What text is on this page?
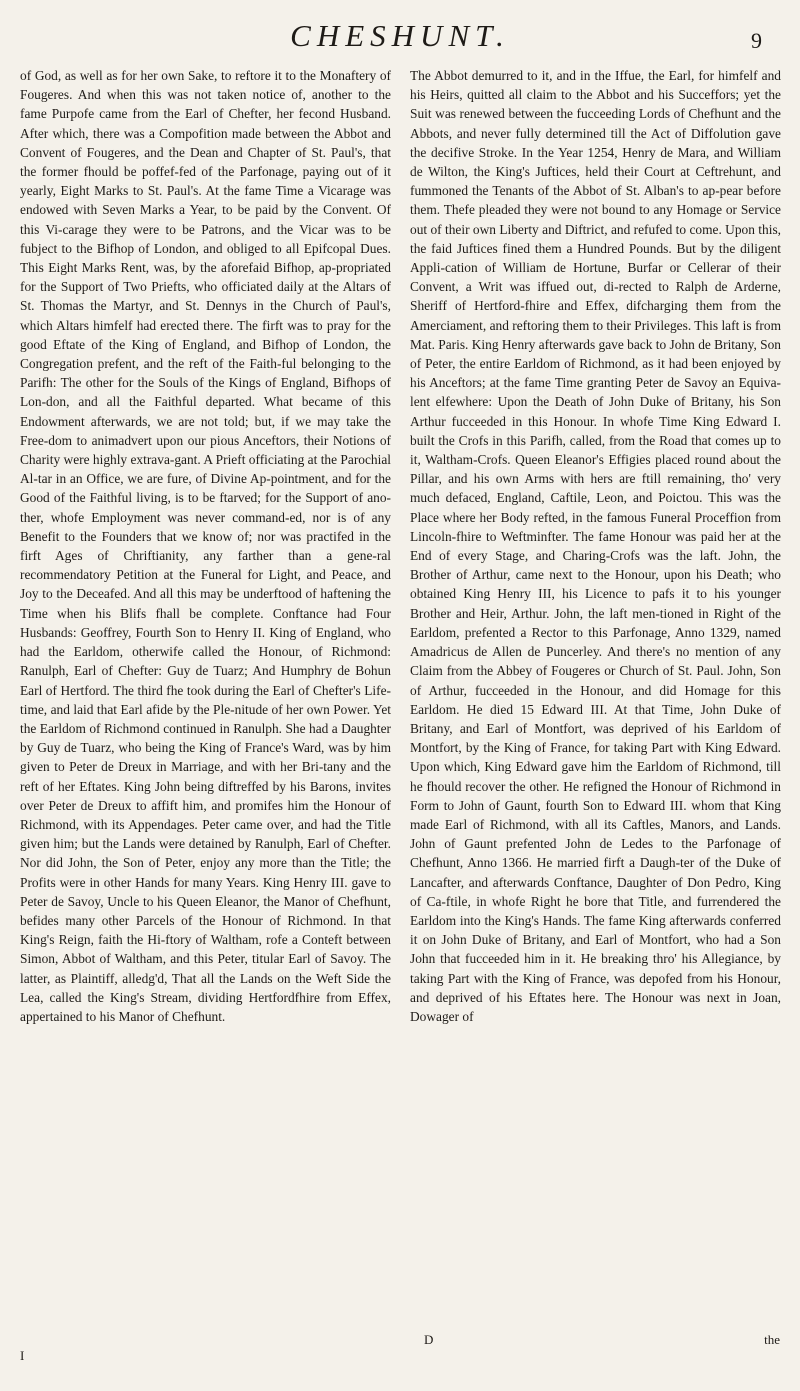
CHESHUNT.	9

of God, as well as for her own Sake, to reftore it to the Monaftery of Fougeres. And when this was not taken notice of, another to the fame Purpofe came from the Earl of Chefter, her fecond Husband. After which, there was a Compofition made between the Abbot and Convent of Fougeres, and the Dean and Chapter of St. Paul's, that the former fhould be poffef-fed of the Parfonage, paying out of it yearly, Eight Marks to St. Paul's. At the fame Time a Vicarage was endowed with Seven Marks a Year, to be paid by the Convent. Of this Vi-carage they were to be Patrons, and the Vicar was to be fubject to the Bifhop of London, and obliged to all Epifcopal Dues. This Eight Marks Rent, was, by the aforefaid Bifhop, ap-propriated for the Support of Two Priefts, who officiated daily at the Altars of St. Thomas the Martyr, and St. Dennys in the Church of Paul's, which Altars himfelf had erected there. The firft was to pray for the good Eftate of the King of England, and Bifhop of London, the Congregation prefent, and the reft of the Faith-ful belonging to the Parifh: The other for the Souls of the Kings of England, Bifhops of Lon-don, and all the Faithful departed. What became of this Endowment afterwards, we are not told; but, if we may take the Free-dom to animadvert upon our pious Anceftors, their Notions of Charity were highly extrava-gant. A Prieft officiating at the Parochial Al-tar in an Office, we are fure, of Divine Ap-pointment, and for the Good of the Faithful living, is to be ftarved; for the Support of ano-ther, whofe Employment was never command-ed, nor is of any Benefit to the Founders that we know of; nor was practifed in the firft Ages of Chriftianity, any farther than a gene-ral recommendatory Petition at the Funeral for Light, and Peace, and Joy to the Deceafed. And all this may be underftood of haftening the Time when his Blifs fhall be complete. Conftance had Four Husbands: Geoffrey, Fourth Son to Henry II. King of England, who had the Earldom, otherwife called the Honour, of Richmond: Ranulph, Earl of Chefter: Guy de Tuarz; And Humphry de Bohun Earl of Hertford. The third fhe took during the Earl of Chefter's Life-time, and laid that Earl afide by the Ple-nitude of her own Power. Yet the Earldom of Richmond continued in Ranulph. She had a Daughter by Guy de Tuarz, who being the King of France's Ward, was by him given to Peter de Dreux in Marriage, and with her Bri-tany and the reft of her Eftates. King John being diftreffed by his Barons, invites over Peter de Dreux to affift him, and promifes him the Honour of Richmond, with its Appendages. Peter came over, and had the Title given him; but the Lands were detained by Ranulph, Earl of Chefter. Nor did John, the Son of Peter, enjoy any more than the Title; the Profits were in other Hands for many Years. King Henry III. gave to Peter de Savoy, Uncle to his Queen Eleanor, the Manor of Chefhunt, befides many other Parcels of the Honour of Richmond. In that King's Reign, faith the Hi-ftory of Waltham, rofe a Conteft between Simon, Abbot of Waltham, and this Peter, titular Earl of Savoy. The latter, as Plaintiff, alledg'd, That all the Lands on the Weft Side the Lea, called the King's Stream, dividing Hertfordfhire from Effex, appertained to his Manor of Chefhunt.

The Abbot demurred to it, and in the Iffue, the Earl, for himfelf and his Heirs, quitted all claim to the Abbot and his Succeffors; yet the Suit was renewed between the fucceeding Lords of Chefhunt and the Abbots, and never fully determined till the Act of Diffolution gave the decifive Stroke. In the Year 1254, Henry de Mara, and William de Wilton, the King's Juftices, held their Court at Ceftrehunt, and fummoned the Tenants of the Abbot of St. Alban's to ap-pear before them. Thefe pleaded they were not bound to any Homage or Service out of their own Liberty and Diftrict, and refufed to come. Upon this, the faid Juftices fined them a Hundred Pounds. But by the diligent Appli-cation of William de Hortune, Burfar or Cellerar of their Convent, a Writ was iffued out, di-rected to Ralph de Arderne, Sheriff of Hertford-fhire and Effex, difcharging them from the Amerciament, and reftoring them to their Privileges. This laft is from Mat. Paris. King Henry afterwards gave back to John de Britany, Son of Peter, the entire Earldom of Richmond, as it had been enjoyed by his Anceftors; at the fame Time granting Peter de Savoy an Equiva-lent elfewhere: Upon the Death of John Duke of Britany, his Son Arthur fucceeded in this Honour. In whofe Time King Edward I. built the Crofs in this Parifh, called, from the Road that comes up to it, Waltham-Crofs. Queen Eleanor's Effigies placed round about the Pillar, and his own Arms with hers are ftill remaining, tho' very much defaced, England, Caftile, Leon, and Poictou. This was the Place where her Body refted, in the famous Funeral Proceffion from Lincoln-fhire to Weftminfter. The fame Honour was paid her at the End of every Stage, and Charing-Crofs was the laft. John, the Brother of Arthur, came next to the Honour, upon his Death; who obtained King Henry III, his Licence to pafs it to his younger Brother and Heir, Arthur. John, the laft men-tioned in Right of the Earldom, prefented a Rector to this Parfonage, Anno 1329, named Amadricus de Allen de Puncerley. And there's no mention of any Claim from the Abbey of Fougeres or Church of St. Paul. John, Son of Arthur, fucceeded in the Honour, and did Homage for this Earldom. He died 15 Edward III. At that Time, John Duke of Britany, and Earl of Montfort, was deprived of his Earldom of Montfort, by the King of France, for taking Part with King Edward. Upon which, King Edward gave him the Earldom of Richmond, till he fhould recover the other. He refigned the Honour of Richmond in Form to John of Gaunt, fourth Son to Edward III. whom that King made Earl of Richmond, with all its Caftles, Manors, and Lands. John of Gaunt prefented John de Ledes to the Parfonage of Chefhunt, Anno 1366. He married firft a Daugh-ter of the Duke of Lancafter, and afterwards Conftance, Daughter of Don Pedro, King of Ca-ftile, in whofe Right he bore that Title, and furrendered the Earldom into the King's Hands. The fame King afterwards conferred it on John Duke of Britany, and Earl of Montfort, who had a Son John that fucceeded him in it. He breaking thro' his Allegiance, by taking Part with the King of France, was depofed from his Honour, and deprived of his Eftates here. The Honour was next in Joan, Dowager of

I
D	the
